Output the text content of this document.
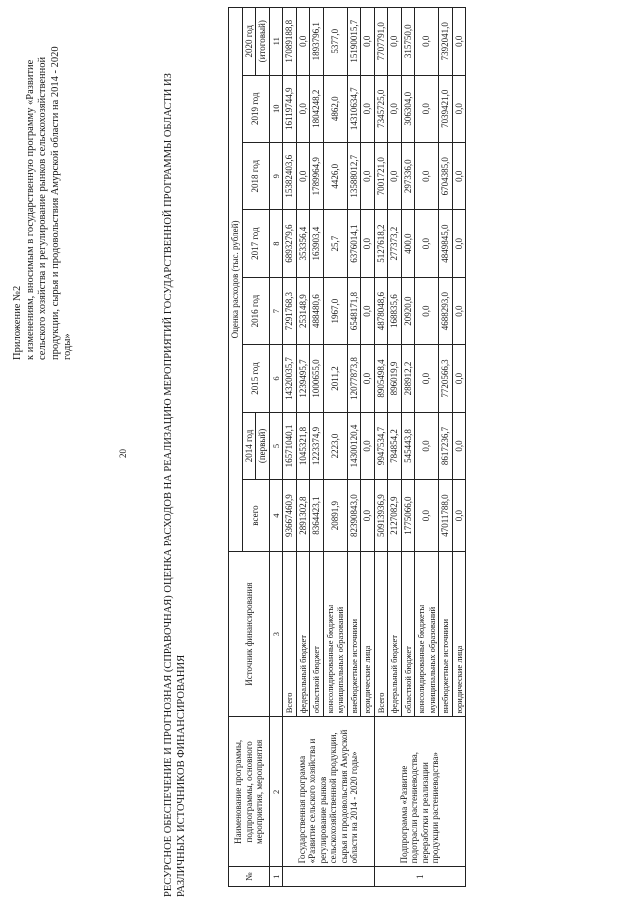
20
Приложение №2 к изменениям, вносимым в государственную программу «Развитие сельского хозяйства и регулирование рынков сельскохозяйственной продукции, сырья и продовольствия Амурской области на 2014 - 2020 годы»	РЕСУРСНОЕ ОБЕСПЕЧЕНИЕ И ПРОГНОЗНАЯ (СПРАВОЧНАЯ) ОЦЕНКА РАСХОДОВ НА РЕАЛИЗАЦИЮ МЕРОПРИЯТИЙ ГОСУДАРСТВЕННОЙ ПРОГРАММЫ ОБЛАСТИ ИЗ РАЗЛИЧНЫХ ИСТОЧНИКОВ ФИНАНСИРОВАНИЯ	№	Наименование программы, подпрограммы, основного мероприятия, мероприятия	Источник финансирования	Оценка расходов (тыс. рублей)							
			всего	2014 год	2015 год	2016 год	2017 год	2018 год	2019 год	2020 год
				(первый)						(итоговый)
1	2	3	4	5	6	7	8	9	10	11
	Государственная программа «Развитие сельского хозяйства и регулирование рынков сельскохозяйственной продукции, сырья и продовольствия Амурской области на 2014 - 2020 годы»	Всего	93667460,9	16571040,1	14320035,7	7291768,3	6893279,6	15382403,6	16119744,9	17089188,8
		федеральный бюджет	2891302,8	1045321,8	1239495,7	253148,9	353356,4	0,0	0,0	0,0
		областной бюджет	8364423,1	1223374,9	1000655,0	488480,6	163903,4	1789964,9	1804248,2	1893796,1
		консолидированные бюджеты муниципальных образований	20891,9	2223,0	2011,2	1967,0	25,7	4426,0	4862,0	5377,0
		внебюджетные источники	82390843,0	14300120,4	12077873,8	6548171,8	6376014,1	13588012,7	14310634,7	15190015,7
		юридические лица	0,0	0,0	0,0	0,0	0,0	0,0	0,0	0,0
1	Подпрограмма «Развитие подотрасли растениеводства, переработки и реализации продукции растениеводства»	Всего	50913936,9	9947534,7	8905498,4	4878048,6	5127618,2	7001721,0	7345725,0	7707791,0
		федеральный бюджет	2127082,9	784854,2	896019,9	168835,6	277373,2	0,0	0,0	0,0
		областной бюджет	1775066,0	545443,8	288912,2	20920,0	400,0	297336,0	306304,0	315750,0
		консолидированные бюджеты муниципальных образований	0,0	0,0	0,0	0,0	0,0	0,0	0,0	0,0
		внебюджетные источники	47011788,0	8617236,7	7720566,3	4688293,0	4849845,0	6704385,0	7039421,0	7392041,0
		юридические лица	0,0	0,0	0,0	0,0	0,0	0,0	0,0	0,0
